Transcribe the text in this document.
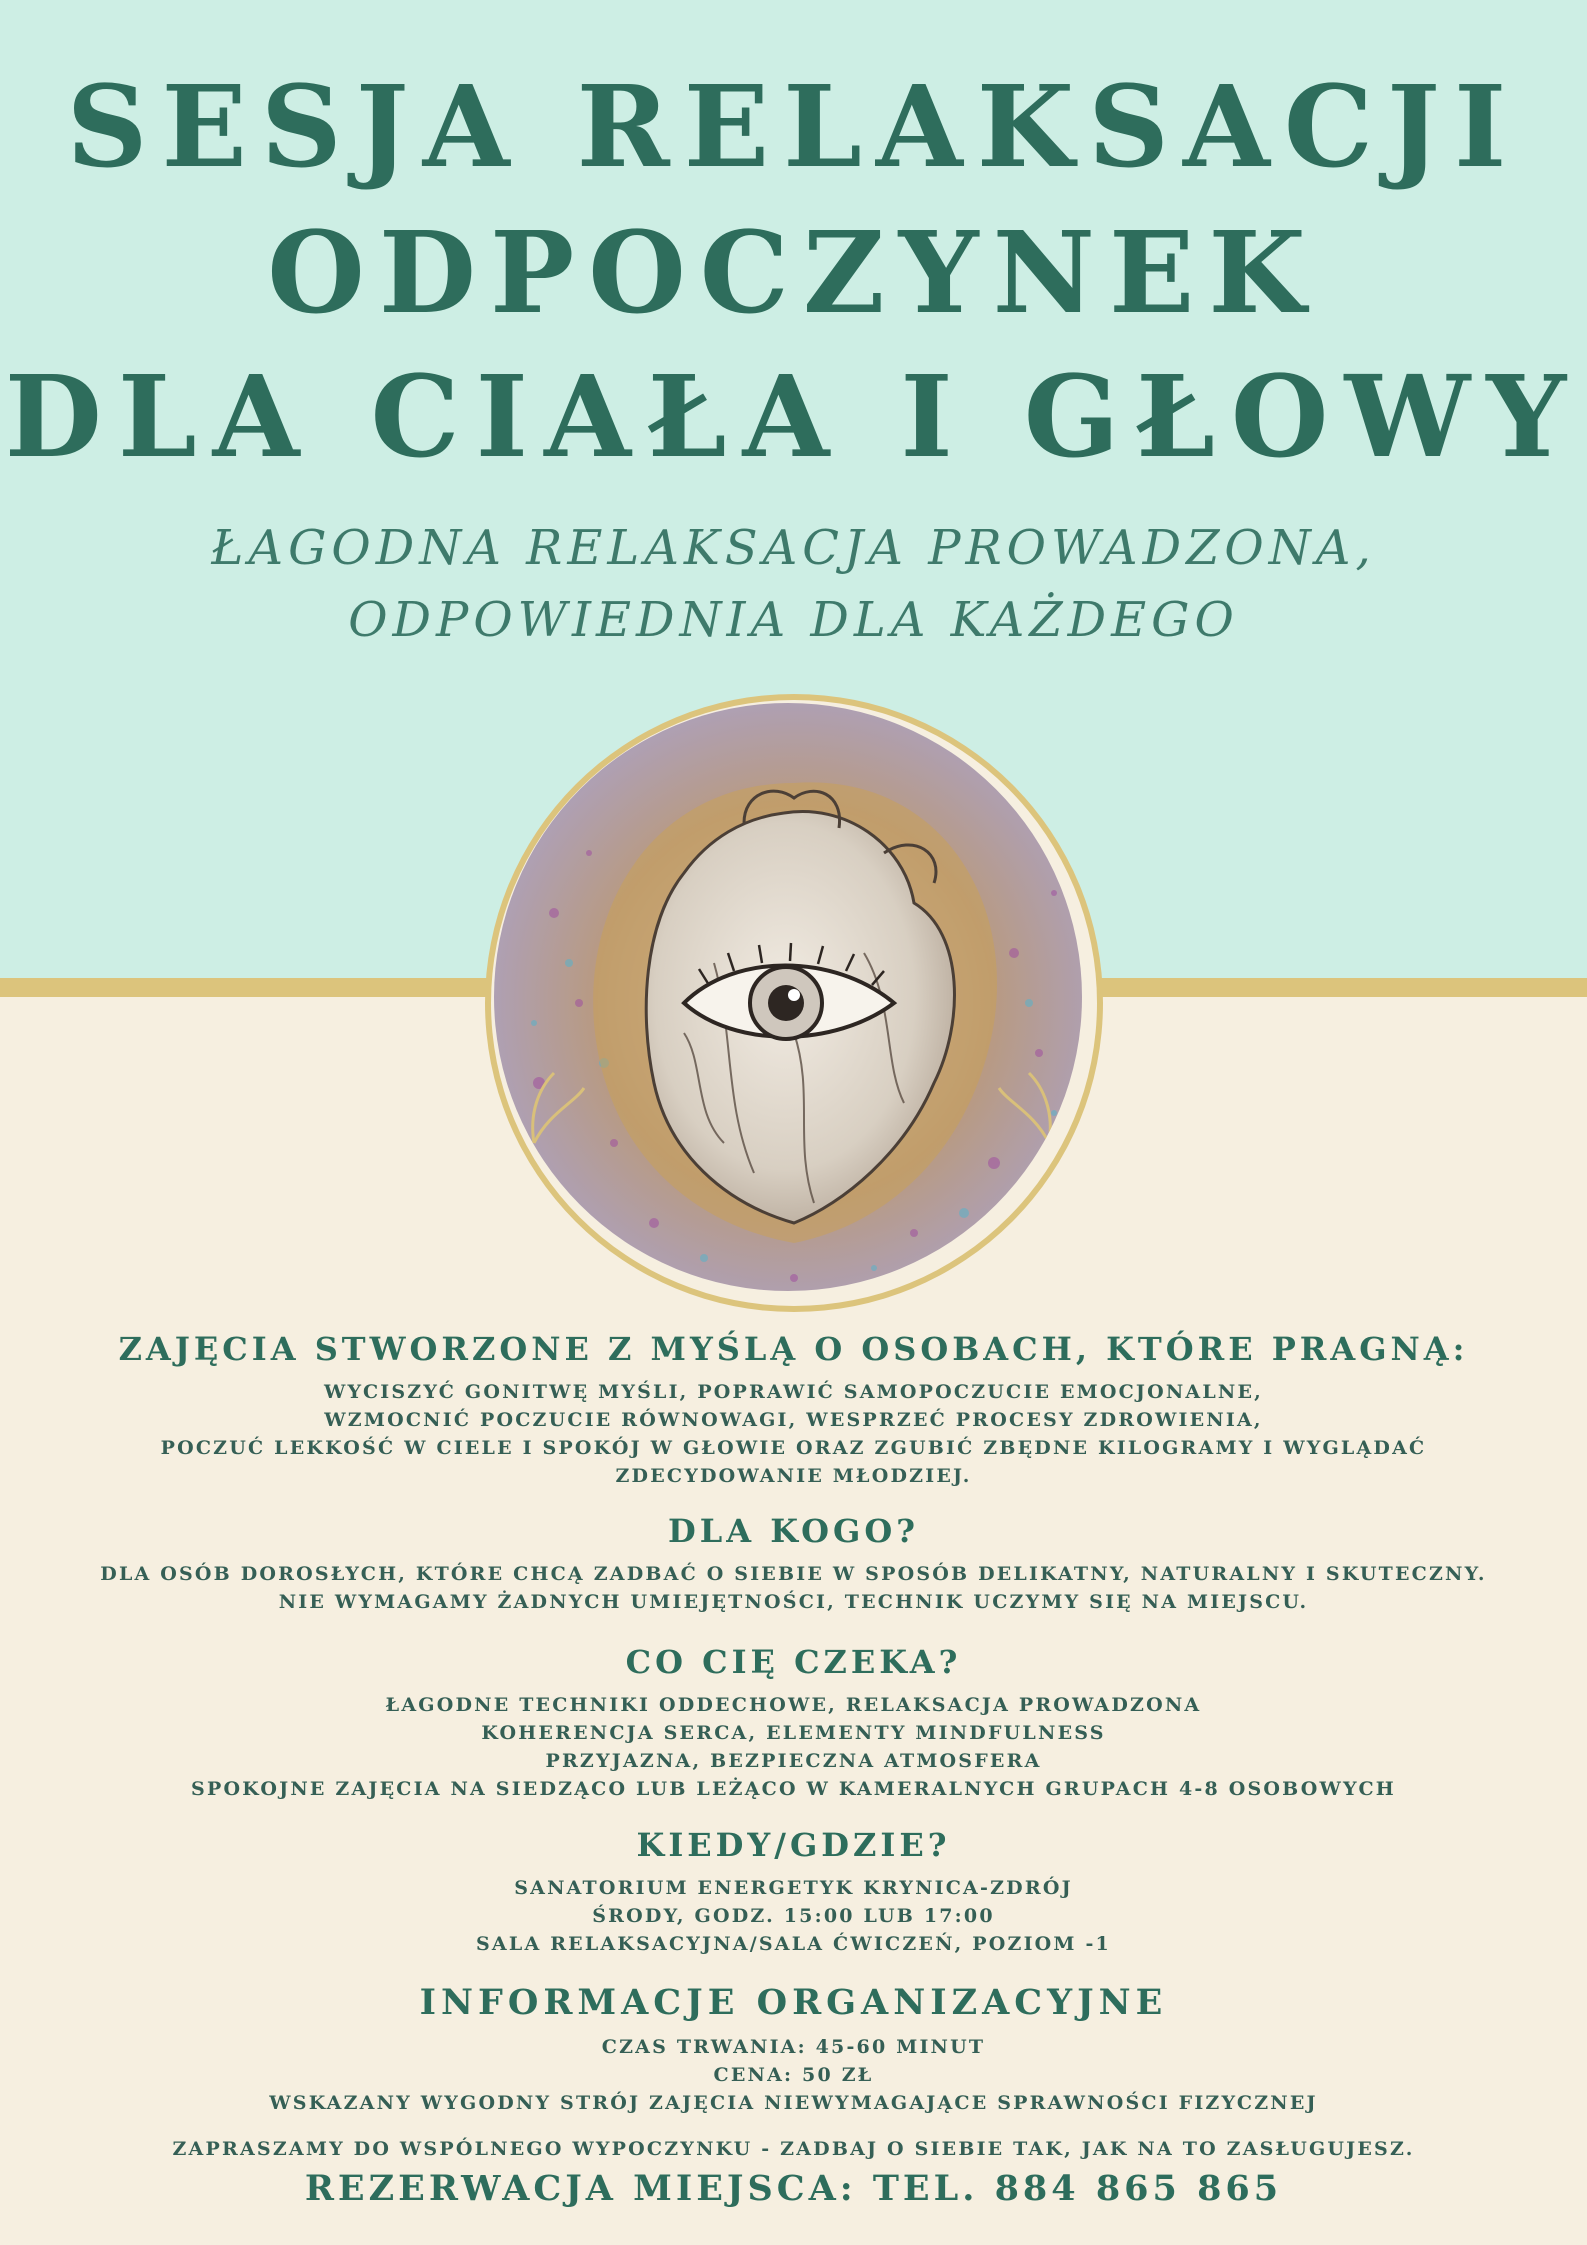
SESJA RELAKSACJI
ODPOCZYNEK
DLA CIAŁA I GŁOWY
ŁAGODNA RELAKSACJA PROWADZONA,
ODPOWIEDNIA DLA KAŻDEGO
ZAJĘCIA STWORZONE Z MYŚLĄ O OSOBACH, KTÓRE PRAGNĄ:
WYCISZYĆ GONITWĘ MYŚLI, POPRAWIĆ SAMOPOCZUCIE EMOCJONALNE,
WZMOCNIĆ POCZUCIE RÓWNOWAGI, WESPRZEĆ PROCESY ZDROWIENIA,
POCZUĆ LEKKOŚĆ W CIELE I SPOKÓJ W GŁOWIE ORAZ ZGUBIĆ ZBĘDNE KILOGRAMY I WYGLĄDAĆ ZDECYDOWANIE MŁODZIEJ.
DLA KOGO?
DLA OSÓB DOROSŁYCH, KTÓRE CHCĄ ZADBAĆ O SIEBIE W SPOSÓB DELIKATNY, NATURALNY I SKUTECZNY.
NIE WYMAGAMY ŻADNYCH UMIEJĘTNOŚCI, TECHNIK UCZYMY SIĘ NA MIEJSCU.
CO CIĘ CZEKA?
ŁAGODNE TECHNIKI ODDECHOWE, RELAKSACJA PROWADZONA
KOHERENCJA SERCA, ELEMENTY MINDFULNESS
PRZYJAZNA, BEZPIECZNA ATMOSFERA
SPOKOJNE ZAJĘCIA NA SIEDZĄCO LUB LEŻĄCO W KAMERALNYCH GRUPACH 4-8 OSOBOWYCH
KIEDY/GDZIE?
SANATORIUM ENERGETYK KRYNICA-ZDRÓJ
ŚRODY, GODZ. 15:00 LUB 17:00
SALA RELAKSACYJNA/SALA ĆWICZEŃ, POZIOM -1
INFORMACJE ORGANIZACYJNE
CZAS TRWANIA: 45-60 MINUT
CENA: 50 ZŁ
WSKAZANY WYGODNY STRÓJ ZAJĘCIA NIEWYMAGAJĄCE SPRAWNOŚCI FIZYCZNEJ
ZAPRASZAMY DO WSPÓLNEGO WYPOCZYNKU - ZADBAJ O SIEBIE TAK, JAK NA TO ZASŁUGUJESZ.
REZERWACJA MIEJSCA: TEL. 884 865 865
